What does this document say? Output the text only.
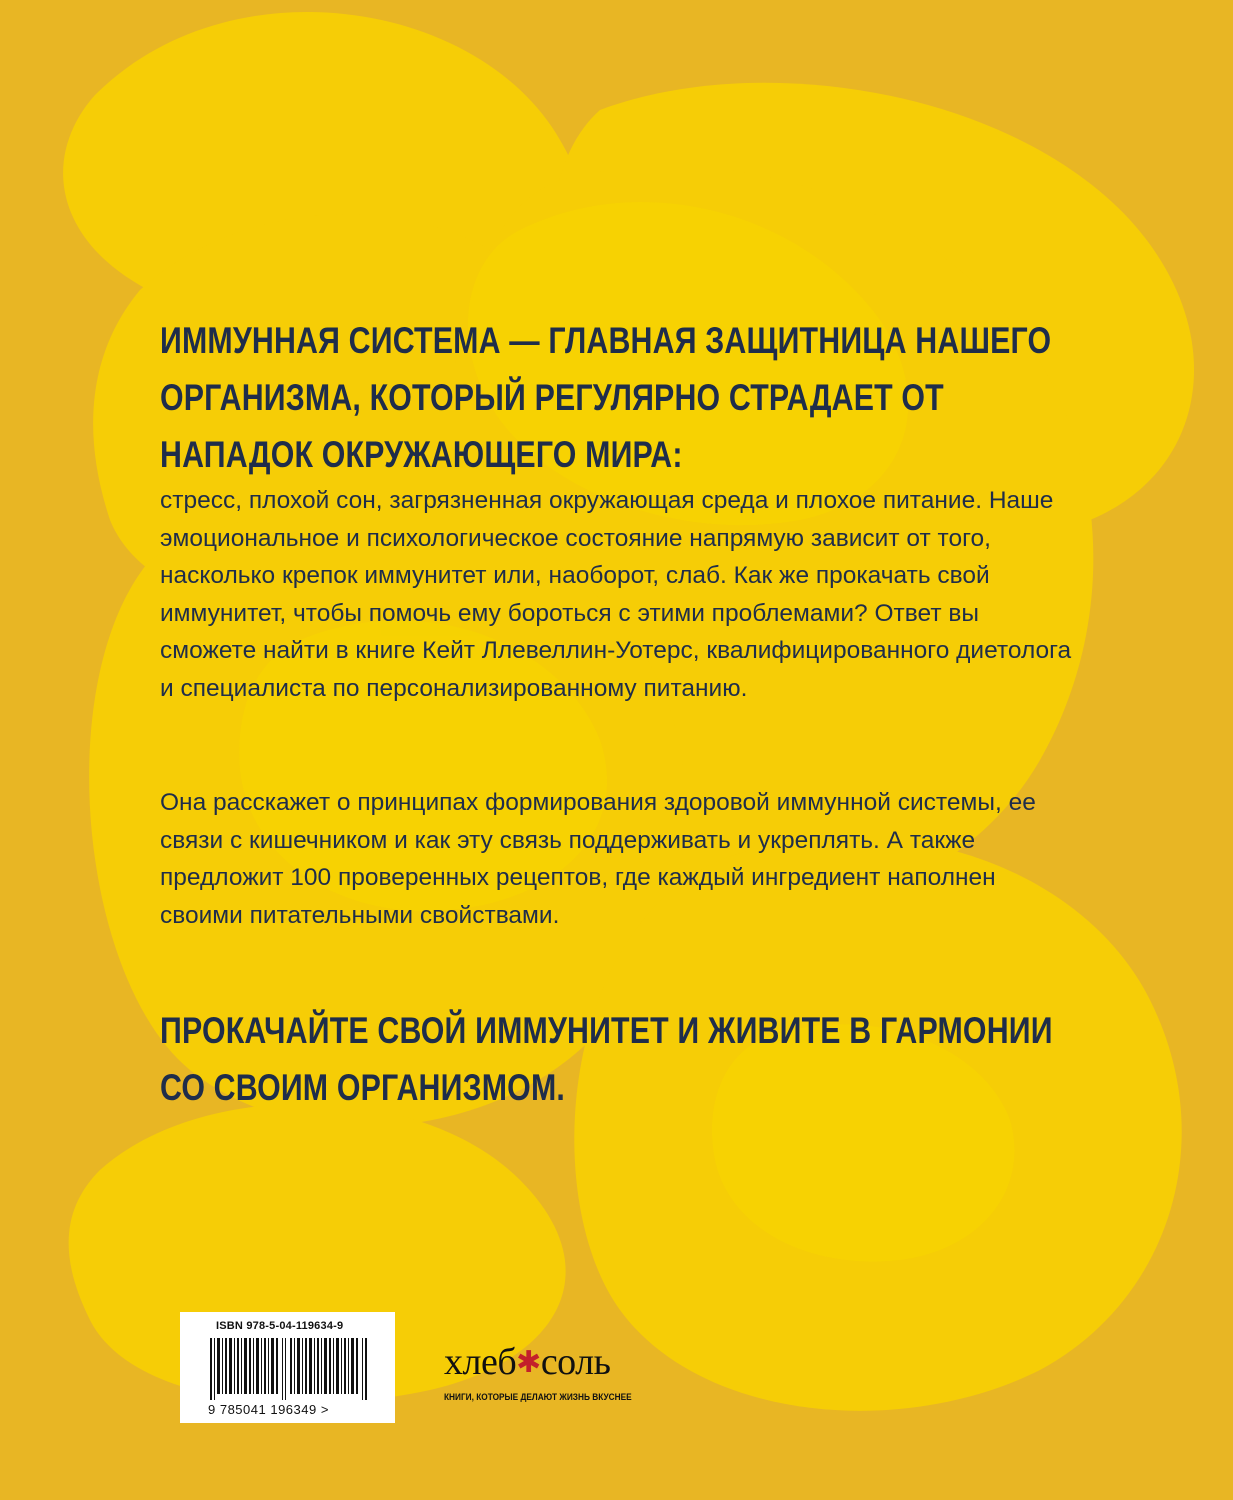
ИММУННАЯ СИСТЕМА — ГЛАВНАЯ ЗАЩИТНИЦА НАШЕГО ОРГАНИЗМА, КОТОРЫЙ РЕГУЛЯРНО СТРАДАЕТ ОТ НАПАДОК ОКРУЖАЮЩЕГО МИРА:

стресс, плохой сон, загрязненная окружающая среда и плохое питание. Наше эмоциональное и психологическое состояние напрямую зависит от того, насколько крепок иммунитет или, наоборот, слаб. Как же прокачать свой иммунитет, чтобы помочь ему бороться с этими проблемами? Ответ вы сможете найти в книге Кейт Ллевеллин-Уотерс, квалифицированного диетолога и специалиста по персонализированному питанию.

Она расскажет о принципах формирования здоровой иммунной системы, ее связи с кишечником и как эту связь поддерживать и укреплять. А также предложит 100 проверенных рецептов, где каждый ингредиент наполнен своими питательными свойствами.

ПРОКАЧАЙТЕ СВОЙ ИММУНИТЕТ И ЖИВИТЕ В ГАРМОНИИ СО СВОИМ ОРГАНИЗМОМ.

ISBN 978-5-04-119634-9
9 785041 196349 >
хлеб✱соль
КНИГИ, КОТОРЫЕ ДЕЛАЮТ ЖИЗНЬ ВКУСНЕЕ
